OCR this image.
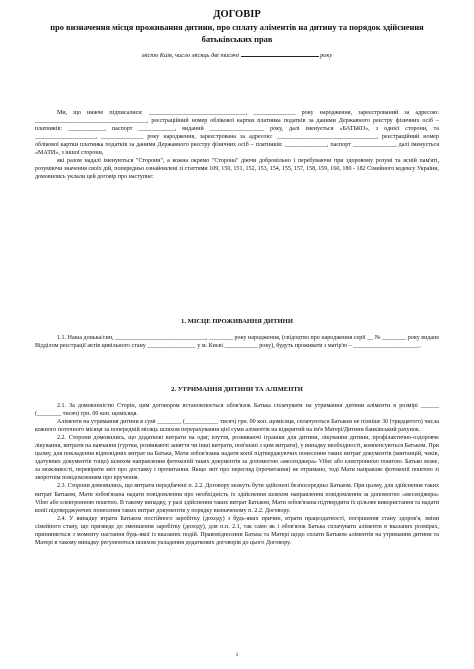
ДОГОВІР
про визначення місця проживання дитини, про сплату аліментів на дитину та порядок здійснення батьківських прав
місто Київ, число місяць дві тисячі	року

Ми, що нижче підписалися: ________________________________, ______________ року народження, зареєстрований за адресою: _____________________________________, реєстраційний номер облікової картки платника податків за даними Державного реєстру фізичних осіб – платників: ____________, паспорт ____________, виданий __________________ року, далі іменується «БАТЬКО», з однієї сторони, та ____________________, ______________ року народження, зареєстрована за адресою: _________________________________, реєстраційний номер облікової картки платника податків за даними Державного реєстру фізичних осіб – платників: ______________, паспорт ______________, далі іменується «МАТИ», з іншої сторони,

які разом надалі іменуються "Сторони", а кожна окремо "Сторона" діючи добровільно і перебуваючи при здоровому розумі та ясній пам'яті, розуміючи значення своїх дій, попередньо ознайомлені зі статтями 109, 150, 151, 152, 153, 154, 155, 157, 158, 159, 160, 180 - 182 Сімейного кодексу України, домовились уклали цей договір про наступне:

1. МІСЦЕ ПРОЖИВАННЯ ДИТИНИ

1.1. Наша донька/син, ______________________________, ________ року народження, (свідоцтво про народження серії __ № ________ року видане Відділом реєстрації актів цивільного стану ________________ у м. Києві ___________ року), будуть проживати з матір'ю – ______________________.

2. УТРИМАННЯ ДИТИНИ ТА АЛІМЕНТИ

2.1. За домовленістю Сторін, цим договором встановлюється обов'язок Батька сплачувати на утримання дитини аліменти в розмірі ______ (________ тисяч) грн. 00 коп. щомісяця.

Аліменти на утримання дитини в сумі ________ (___________ тисяч) грн. 00 коп. щомісяця, сплачуються Батьком не пізніше 30 (тридцятого) числа кожного поточного місяця за попередній місяць шляхом перерахування цієї суми аліментів на відкритий на ім'я Матері/Дитини банківський рахунок.

2.2. Сторони домовились, що додаткові витрати на одяг, взуття, розвиваючі іграшки для дитини, лікування дитини, профілактично-оздоровче лікування, витрати на навчання (гуртки, розвиваючі заняття чи інші витрати, пов'язані з цим витрати), у випадку необхідності, компенсуються Батьком. При цьому, для покладення відповідних витрат на Батька, Мати зобов'язана надати копії підтверджуючих понесення таких витрат документів (квитанцій, чеків, здатувних документів тощо) шляхом направлення фотокопій таких документів за допомогою «месенджера» Viber або електронною поштою. Батько може, за можливості, перевіряти звіт про доставку і прочитання. Якщо звіт про перегляд (прочитання) не отримано, тоді Мати направляє фотокопії поштою зі зворотнім повідомленням про вручення.

2.3. Сторони домовились, що витрати передбачені п. 2.2. Договору можуть бути здійснені безпосередньо Батьком. При цьому, для здійснення таких витрат Батьком, Мати зобов'язана надати повідомлення про необхідність їх здійснення шляхом направлення повідомлення за допомогою «месенджера» Viber або електронною поштою. В такому випадку, у разі здійснення таких витрат Батьком, Мати зобов'язана підтвердити їх цільове використання та надати копії підтверджуючих понесення таких витрат документів у порядку визначеному п. 2.2. Договору.

2.4. У випадку втрати Батьком постійного заробітку (доходу) з будь-яких причин, втрати працездатності, погіршення стану здоров'я, зміни сімейного стану, що призведе до зменшення заробітку (доходу), для п.п. 2.1, так само як і обов'язок Батька сплачувати аліменти в вказаних розмірах, припиняється з моменту настання будь-якої із вказаних подій. Правовідносини Батька та Матері щодо сплати Батьком аліментів на утримання дитини та Матері в такому випадку регулюються шляхом укладення додаткових договорів до цього Договору.

1
